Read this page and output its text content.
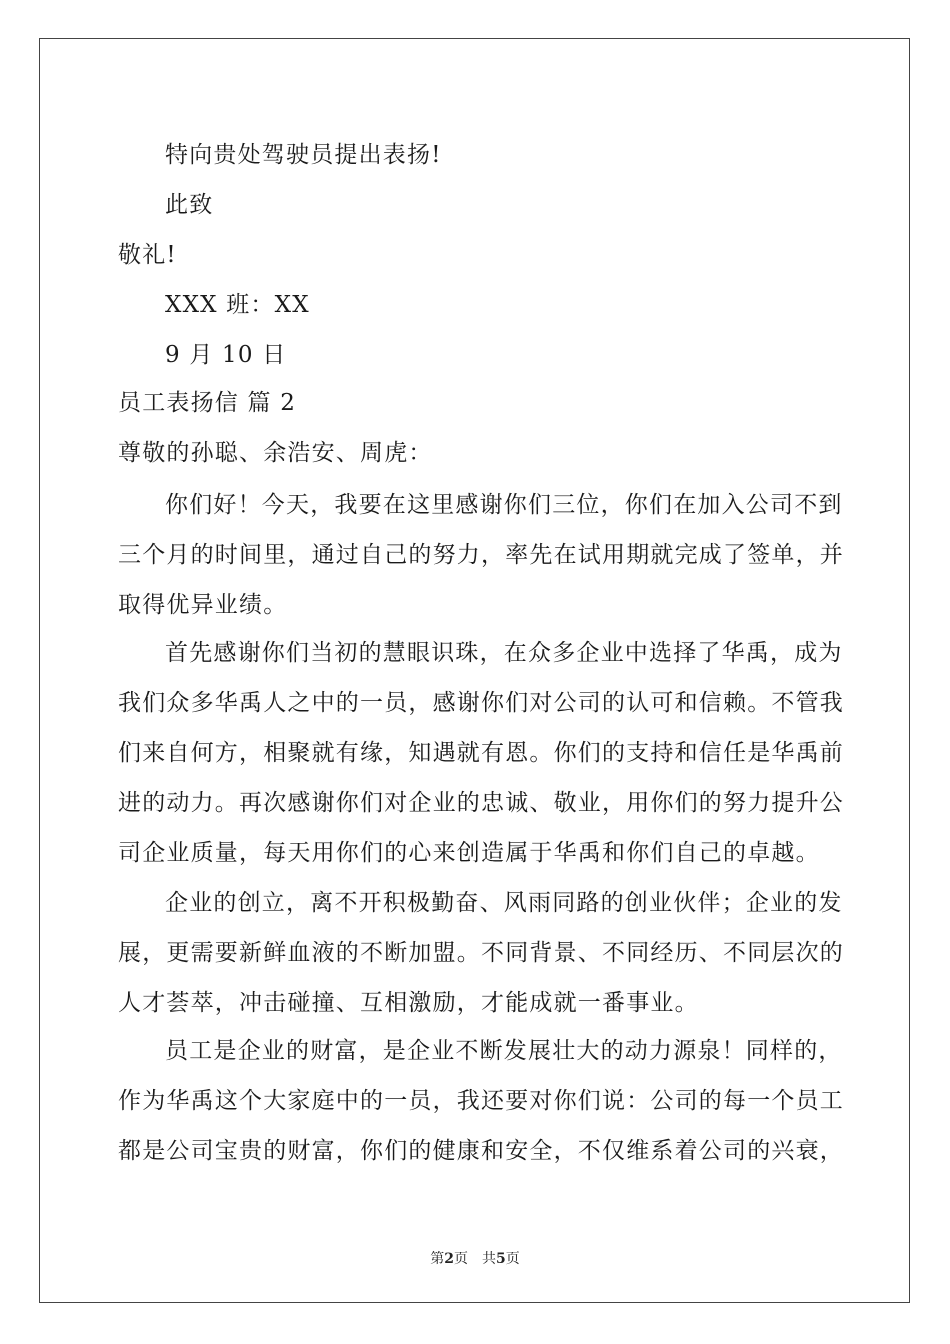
特向贵处驾驶员提出表扬!
此致
敬礼!
XXX 班：XX
9 月 10 日
员工表扬信 篇 2
尊敬的孙聪、余浩安、周虎：
你们好！今天，我要在这里感谢你们三位，你们在加入公司不到
三个月的时间里，通过自己的努力，率先在试用期就完成了签单，并
取得优异业绩。
首先感谢你们当初的慧眼识珠，在众多企业中选择了华禹，成为
我们众多华禹人之中的一员，感谢你们对公司的认可和信赖。不管我
们来自何方，相聚就有缘，知遇就有恩。你们的支持和信任是华禹前
进的动力。再次感谢你们对企业的忠诚、敬业，用你们的努力提升公
司企业质量，每天用你们的心来创造属于华禹和你们自己的卓越。
企业的创立，离不开积极勤奋、风雨同路的创业伙伴；企业的发
展，更需要新鲜血液的不断加盟。不同背景、不同经历、不同层次的
人才荟萃，冲击碰撞、互相激励，才能成就一番事业。
员工是企业的财富，是企业不断发展壮大的动力源泉！同样的，
作为华禹这个大家庭中的一员，我还要对你们说：公司的每一个员工
都是公司宝贵的财富，你们的健康和安全，不仅维系着公司的兴衰，
第2页　共5页
